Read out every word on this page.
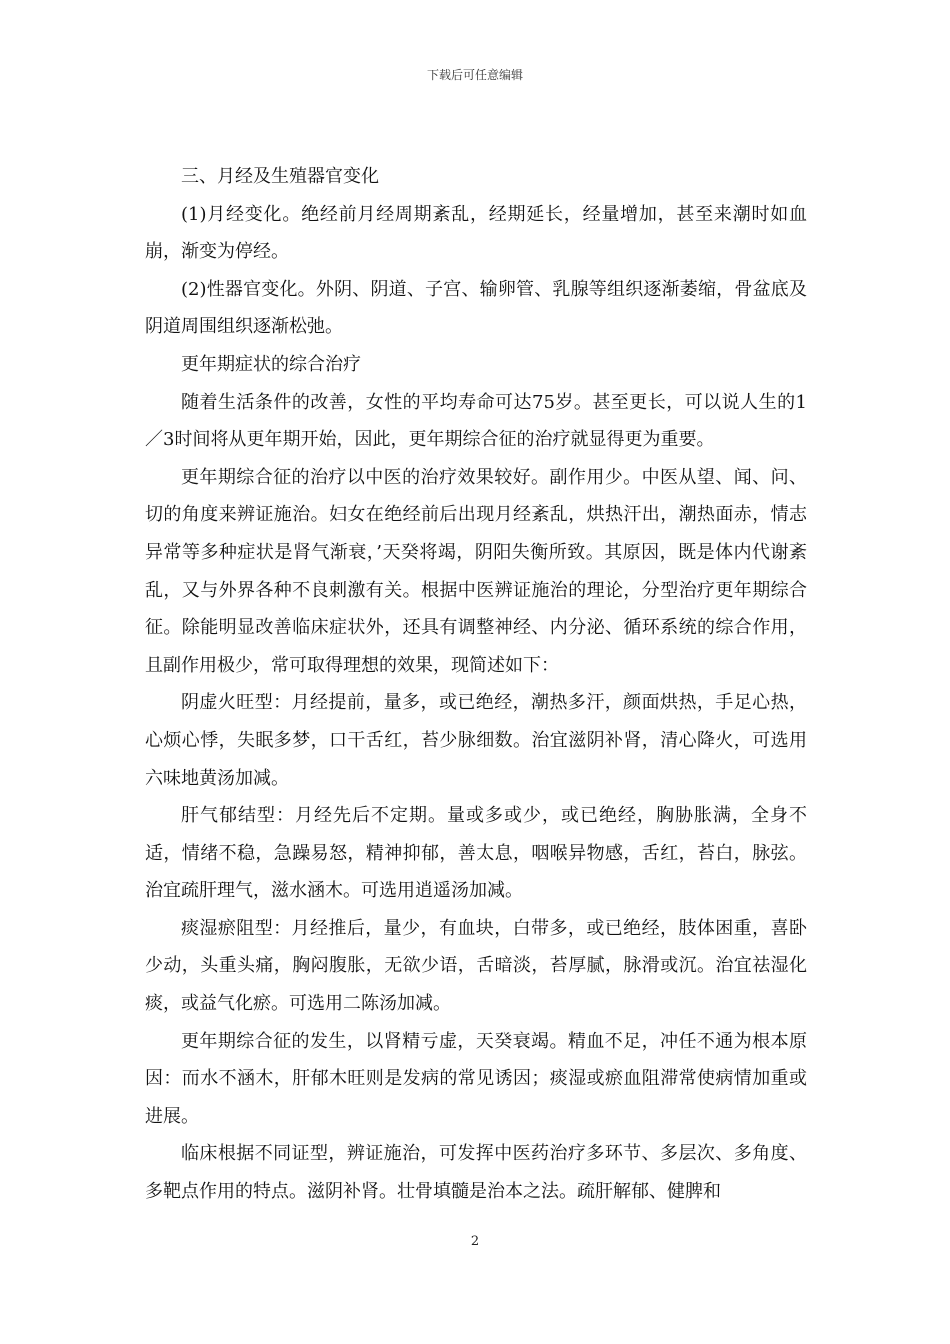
下载后可任意编辑

三、月经及生殖器官变化

(1)月经变化。绝经前月经周期紊乱，经期延长，经量增加，甚至来潮时如血崩，渐变为停经。

(2)性器官变化。外阴、阴道、子宫、输卵管、乳腺等组织逐渐萎缩，骨盆底及阴道周围组织逐渐松弛。

更年期症状的综合治疗

随着生活条件的改善，女性的平均寿命可达75岁。甚至更长，可以说人生的1／3时间将从更年期开始，因此，更年期综合征的治疗就显得更为重要。

更年期综合征的治疗以中医的治疗效果较好。副作用少。中医从望、闻、问、切的角度来辨证施治。妇女在绝经前后出现月经紊乱，烘热汗出，潮热面赤，情志异常等多种症状是肾气渐衰，’天癸将竭，阴阳失衡所致。其原因，既是体内代谢紊乱，又与外界各种不良刺激有关。根据中医辨证施治的理论，分型治疗更年期综合征。除能明显改善临床症状外，还具有调整神经、内分泌、循环系统的综合作用，且副作用极少，常可取得理想的效果，现简述如下：

阴虚火旺型：月经提前，量多，或已绝经，潮热多汗，颜面烘热，手足心热，心烦心悸，失眠多梦，口干舌红，苔少脉细数。治宜滋阴补肾，清心降火，可选用六味地黄汤加减。

肝气郁结型：月经先后不定期。量或多或少，或已绝经，胸胁胀满，全身不适，情绪不稳，急躁易怒，精神抑郁，善太息，咽喉异物感，舌红，苔白，脉弦。治宜疏肝理气，滋水涵木。可选用逍遥汤加减。

痰湿瘀阻型：月经推后，量少，有血块，白带多，或已绝经，肢体困重，喜卧少动，头重头痛，胸闷腹胀，无欲少语，舌暗淡，苔厚腻，脉滑或沉。治宜祛湿化痰，或益气化瘀。可选用二陈汤加减。

更年期综合征的发生，以肾精亏虚，天癸衰竭。精血不足，冲任不通为根本原因：而水不涵木，肝郁木旺则是发病的常见诱因；痰湿或瘀血阻滞常使病情加重或进展。

临床根据不同证型，辨证施治，可发挥中医药治疗多环节、多层次、多角度、多靶点作用的特点。滋阴补肾。壮骨填髓是治本之法。疏肝解郁、健脾和

2
